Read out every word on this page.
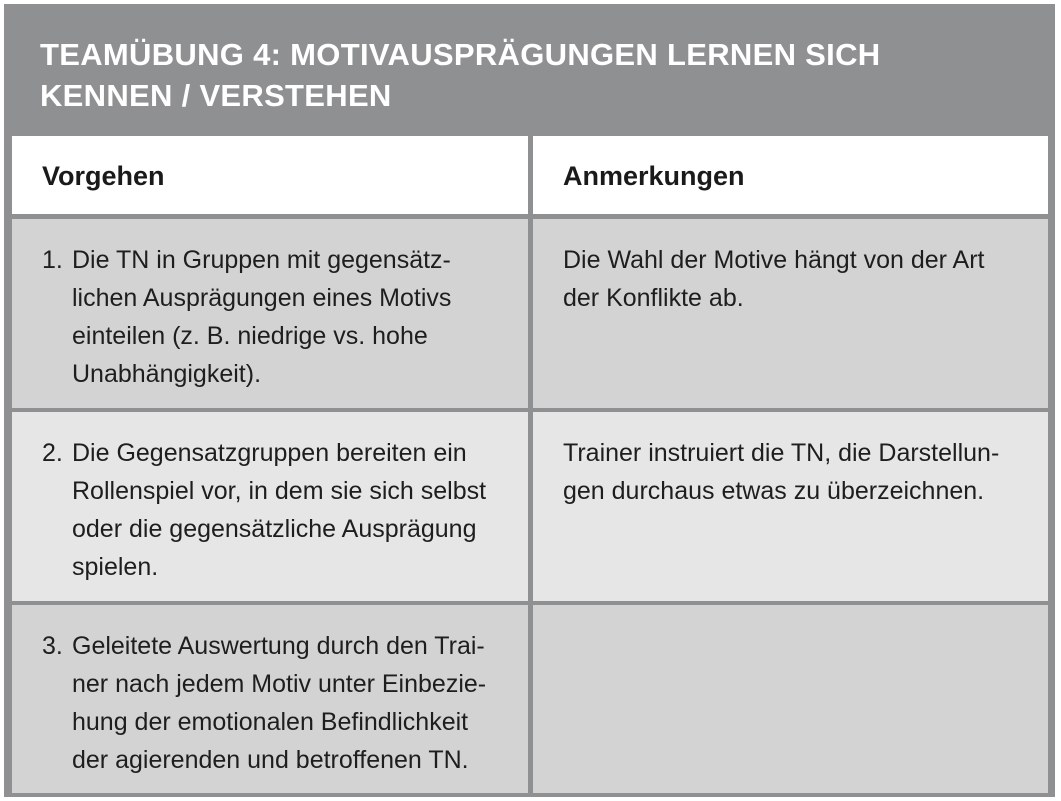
TEAMÜBUNG 4: MOTIVAUSPRÄGUNGEN LERNEN SICH
KENNEN / VERSTEHEN
Vorgehen	Anmerkungen
1. Die TN in Gruppen mit gegensätz-
lichen Ausprägungen eines Motivs
einteilen (z. B. niedrige vs. hohe
Unabhängigkeit).
Die Wahl der Motive hängt von der Art
der Konflikte ab.
2. Die Gegensatzgruppen bereiten ein
Rollenspiel vor, in dem sie sich selbst
oder die gegensätzliche Ausprägung
spielen.
Trainer instruiert die TN, die Darstellun-
gen durchaus etwas zu überzeichnen.
3. Geleitete Auswertung durch den Trai-
ner nach jedem Motiv unter Einbezie-
hung der emotionalen Befindlichkeit
der agierenden und betroffenen TN.
